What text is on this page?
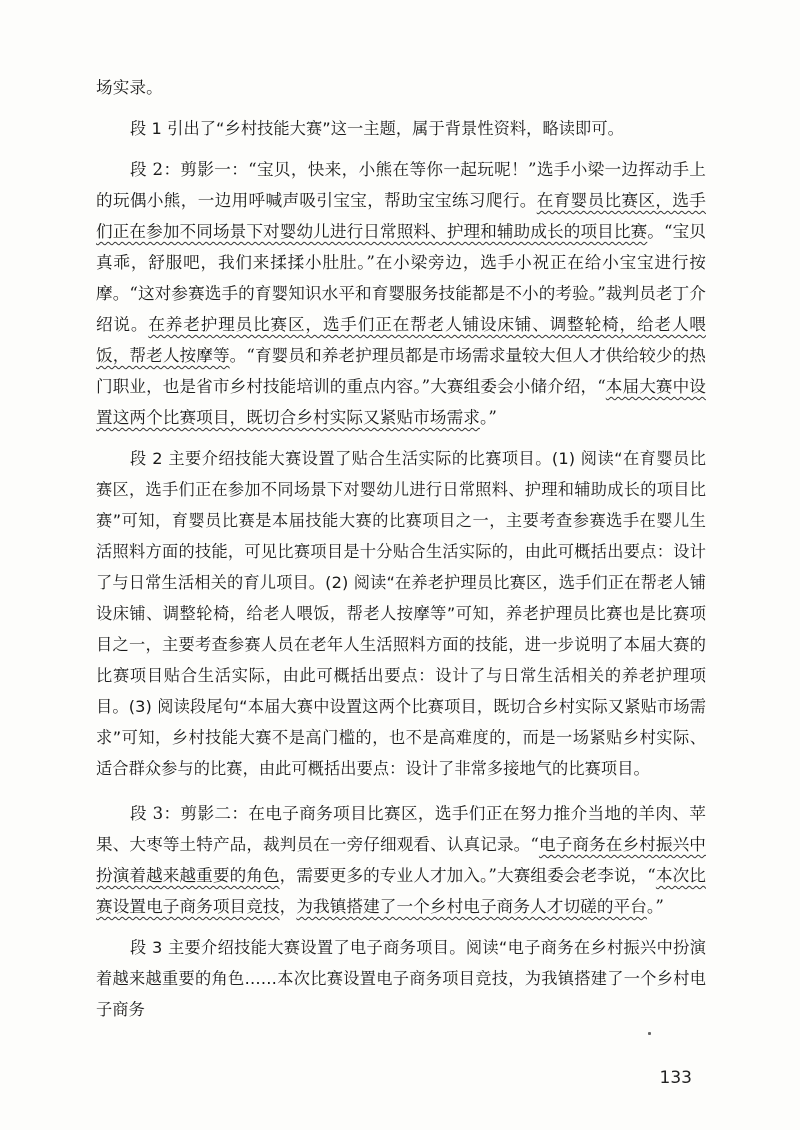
场实录。

段 1 引出了“乡村技能大赛”这一主题，属于背景性资料，略读即可。

段 2：剪影一：“宝贝，快来，小熊在等你一起玩呢！”选手小梁一边挥动手上的玩偶小熊，一边用呼喊声吸引宝宝，帮助宝宝练习爬行。在育婴员比赛区，选手们正在参加不同场景下对婴幼儿进行日常照料、护理和辅助成长的项目比赛。“宝贝真乖，舒服吧，我们来揉揉小肚肚。”在小梁旁边，选手小祝正在给小宝宝进行按摩。“这对参赛选手的育婴知识水平和育婴服务技能都是不小的考验。”裁判员老丁介绍说。在养老护理员比赛区，选手们正在帮老人铺设床铺、调整轮椅，给老人喂饭，帮老人按摩等。“育婴员和养老护理员都是市场需求量较大但人才供给较少的热门职业，也是省市乡村技能培训的重点内容。”大赛组委会小储介绍，“本届大赛中设置这两个比赛项目，既切合乡村实际又紧贴市场需求。”

段 2 主要介绍技能大赛设置了贴合生活实际的比赛项目。(1) 阅读“在育婴员比赛区，选手们正在参加不同场景下对婴幼儿进行日常照料、护理和辅助成长的项目比赛”可知，育婴员比赛是本届技能大赛的比赛项目之一，主要考查参赛选手在婴儿生活照料方面的技能，可见比赛项目是十分贴合生活实际的，由此可概括出要点：设计了与日常生活相关的育儿项目。(2) 阅读“在养老护理员比赛区，选手们正在帮老人铺设床铺、调整轮椅，给老人喂饭，帮老人按摩等”可知，养老护理员比赛也是比赛项目之一，主要考查参赛人员在老年人生活照料方面的技能，进一步说明了本届大赛的比赛项目贴合生活实际，由此可概括出要点：设计了与日常生活相关的养老护理项目。(3) 阅读段尾句“本届大赛中设置这两个比赛项目，既切合乡村实际又紧贴市场需求”可知，乡村技能大赛不是高门槛的，也不是高难度的，而是一场紧贴乡村实际、适合群众参与的比赛，由此可概括出要点：设计了非常多接地气的比赛项目。

段 3：剪影二：在电子商务项目比赛区，选手们正在努力推介当地的羊肉、苹果、大枣等土特产品，裁判员在一旁仔细观看、认真记录。“电子商务在乡村振兴中扮演着越来越重要的角色，需要更多的专业人才加入。”大赛组委会老李说，“本次比赛设置电子商务项目竞技，为我镇搭建了一个乡村电子商务人才切磋的平台。”

段 3 主要介绍技能大赛设置了电子商务项目。阅读“电子商务在乡村振兴中扮演着越来越重要的角色……本次比赛设置电子商务项目竞技，为我镇搭建了一个乡村电子商务

133
